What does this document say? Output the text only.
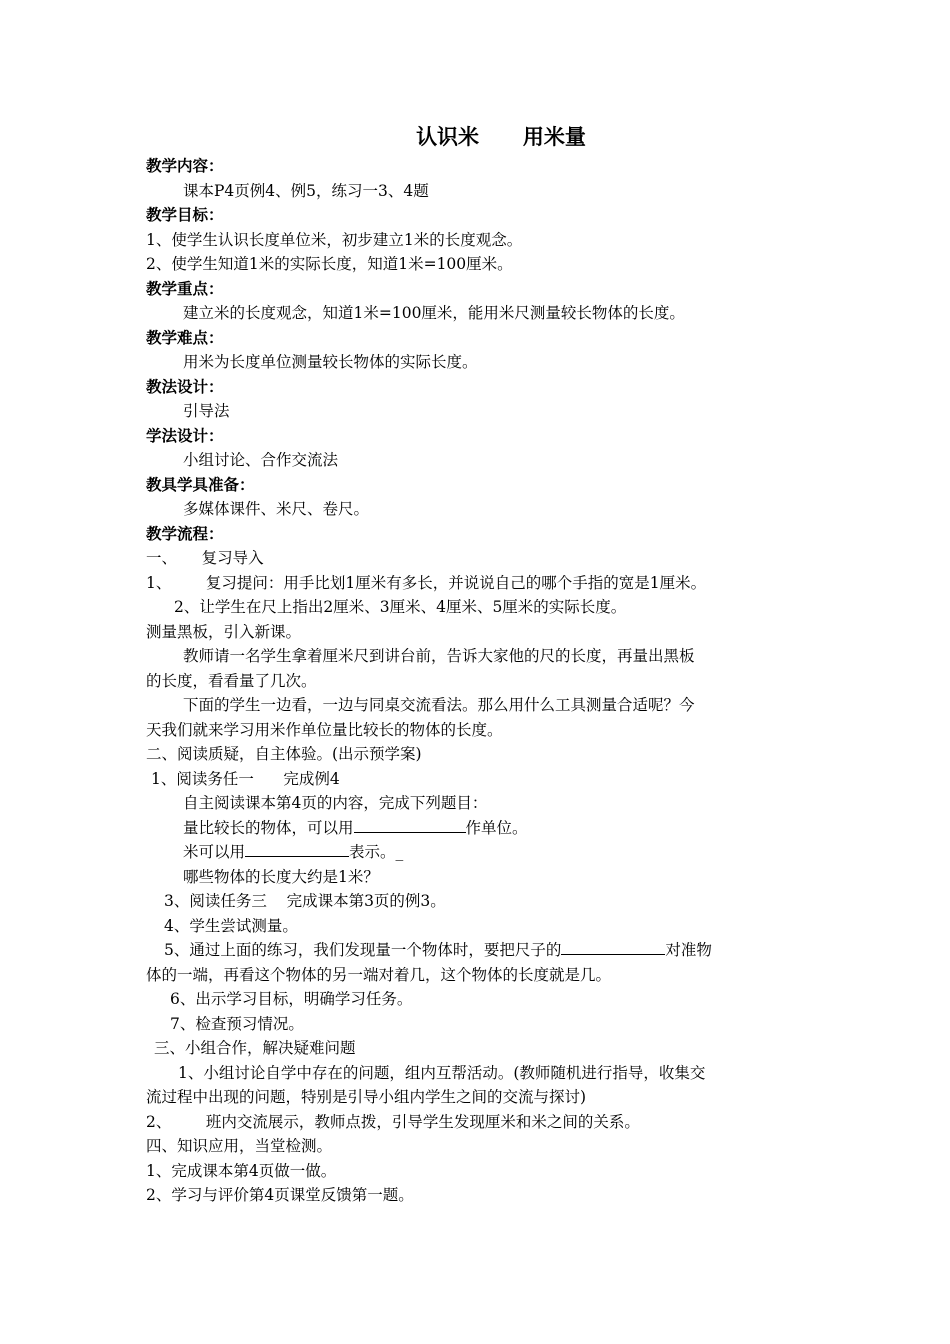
认识米      用米量
教学内容：
课本P4页例4、例5，练习一3、4题
教学目标：
1、使学生认识长度单位米，初步建立1米的长度观念。
2、使学生知道1米的实际长度，知道1米=100厘米。
教学重点：
建立米的长度观念，知道1米=100厘米，能用米尺测量较长物体的长度。
教学难点：
用米为长度单位测量较长物体的实际长度。
教法设计：
引导法
学法设计：
小组讨论、合作交流法
教具学具准备：
多媒体课件、米尺、卷尺。
教学流程：
一、     复习导入
1、       复习提问：用手比划1厘米有多长，并说说自己的哪个手指的宽是1厘米。
2、让学生在尺上指出2厘米、3厘米、4厘米、5厘米的实际长度。
测量黑板，引入新课。
教师请一名学生拿着厘米尺到讲台前，告诉大家他的尺的长度，再量出黑板
的长度，看看量了几次。
下面的学生一边看，一边与同桌交流看法。那么用什么工具测量合适呢？今
天我们就来学习用米作单位量比较长的物体的长度。
二、阅读质疑，自主体验。(出示预学案)
1、阅读务任一      完成例4
自主阅读课本第4页的内容，完成下列题目：
量比较长的物体，可以用	作单位。
米可以用	表示。_
哪些物体的长度大约是1米？
3、阅读任务三    完成课本第3页的例3。
4、学生尝试测量。
5、通过上面的练习，我们发现量一个物体时，要把尺子的	对准物
体的一端，再看这个物体的另一端对着几，这个物体的长度就是几。
6、出示学习目标，明确学习任务。
7、检查预习情况。
三、小组合作，解决疑难问题
1、小组讨论自学中存在的问题，组内互帮活动。(教师随机进行指导，收集交
流过程中出现的问题，特别是引导小组内学生之间的交流与探讨)
2、       班内交流展示，教师点拨，引导学生发现厘米和米之间的关系。
四、知识应用，当堂检测。
1、完成课本第4页做一做。
2、学习与评价第4页课堂反馈第一题。
